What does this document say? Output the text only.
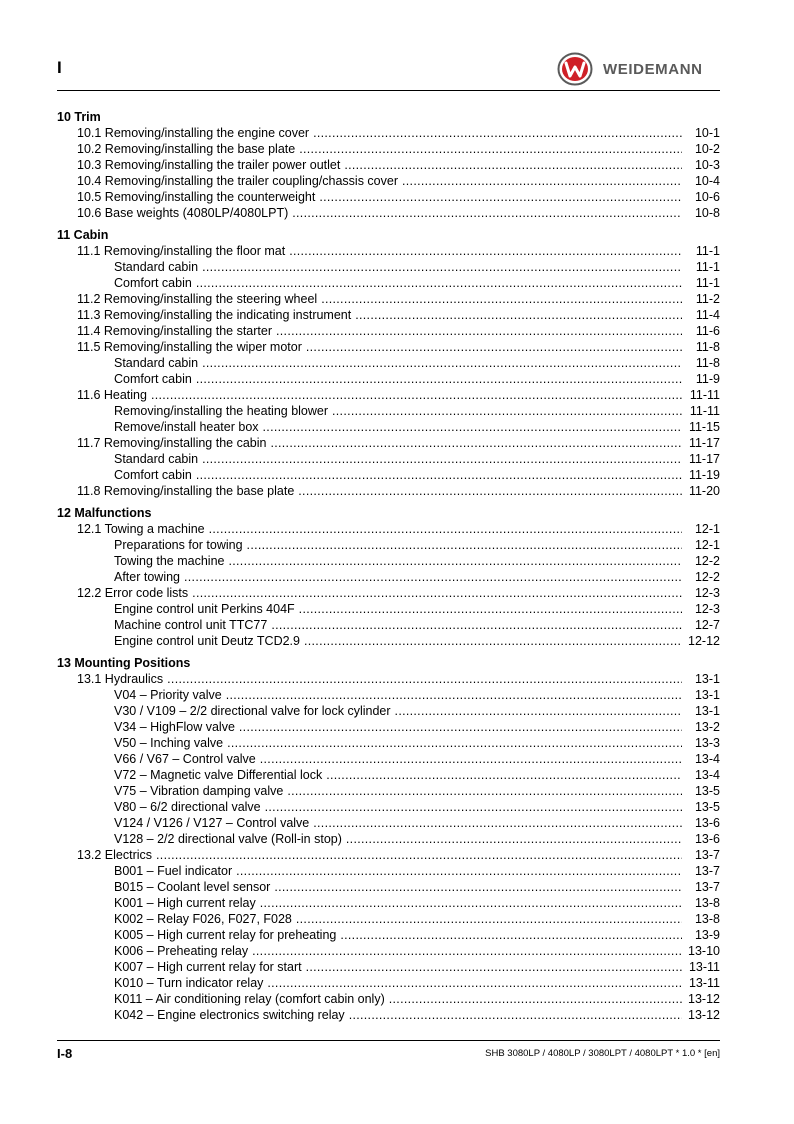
I	WEIDEMANN
10 Trim
10.1 Removing/installing the engine cover .....	10-1
10.2 Removing/installing the base plate .....	10-2
10.3 Removing/installing the trailer power outlet .....	10-3
10.4 Removing/installing the trailer coupling/chassis cover .....	10-4
10.5 Removing/installing the counterweight .....	10-6
10.6 Base weights (4080LP/4080LPT) .....	10-8
11 Cabin
11.1 Removing/installing the floor mat .....	11-1
Standard cabin .....	11-1
Comfort cabin .....	11-1
11.2 Removing/installing the steering wheel .....	11-2
11.3 Removing/installing the indicating instrument .....	11-4
11.4 Removing/installing the starter .....	11-6
11.5 Removing/installing the wiper motor .....	11-8
Standard cabin .....	11-8
Comfort cabin .....	11-9
11.6 Heating .....	11-11
Removing/installing the heating blower .....	11-11
Remove/install heater box .....	11-15
11.7 Removing/installing the cabin .....	11-17
Standard cabin .....	11-17
Comfort cabin .....	11-19
11.8 Removing/installing the base plate .....	11-20
12 Malfunctions
12.1 Towing a machine .....	12-1
Preparations for towing .....	12-1
Towing the machine .....	12-2
After towing .....	12-2
12.2 Error code lists .....	12-3
Engine control unit Perkins 404F .....	12-3
Machine control unit TTC77 .....	12-7
Engine control unit Deutz TCD2.9 .....	12-12
13 Mounting Positions
13.1 Hydraulics .....	13-1
V04 – Priority valve .....	13-1
V30 / V109 – 2/2 directional valve for lock cylinder .....	13-1
V34 – HighFlow valve .....	13-2
V50 – Inching valve .....	13-3
V66 / V67 – Control valve .....	13-4
V72 – Magnetic valve Differential lock .....	13-4
V75 – Vibration damping valve .....	13-5
V80 – 6/2 directional valve .....	13-5
V124 / V126 / V127 – Control valve .....	13-6
V128 – 2/2 directional valve (Roll-in stop) .....	13-6
13.2 Electrics .....	13-7
B001 – Fuel indicator .....	13-7
B015 – Coolant level sensor .....	13-7
K001 – High current relay .....	13-8
K002 – Relay F026, F027, F028 .....	13-8
K005 – High current relay for preheating .....	13-9
K006 – Preheating relay .....	13-10
K007 – High current relay for start .....	13-11
K010 – Turn indicator relay .....	13-11
K011 – Air conditioning relay (comfort cabin only) .....	13-12
K042 – Engine electronics switching relay .....	13-12
I-8	SHB 3080LP / 4080LP / 3080LPT / 4080LPT * 1.0 * [en]
